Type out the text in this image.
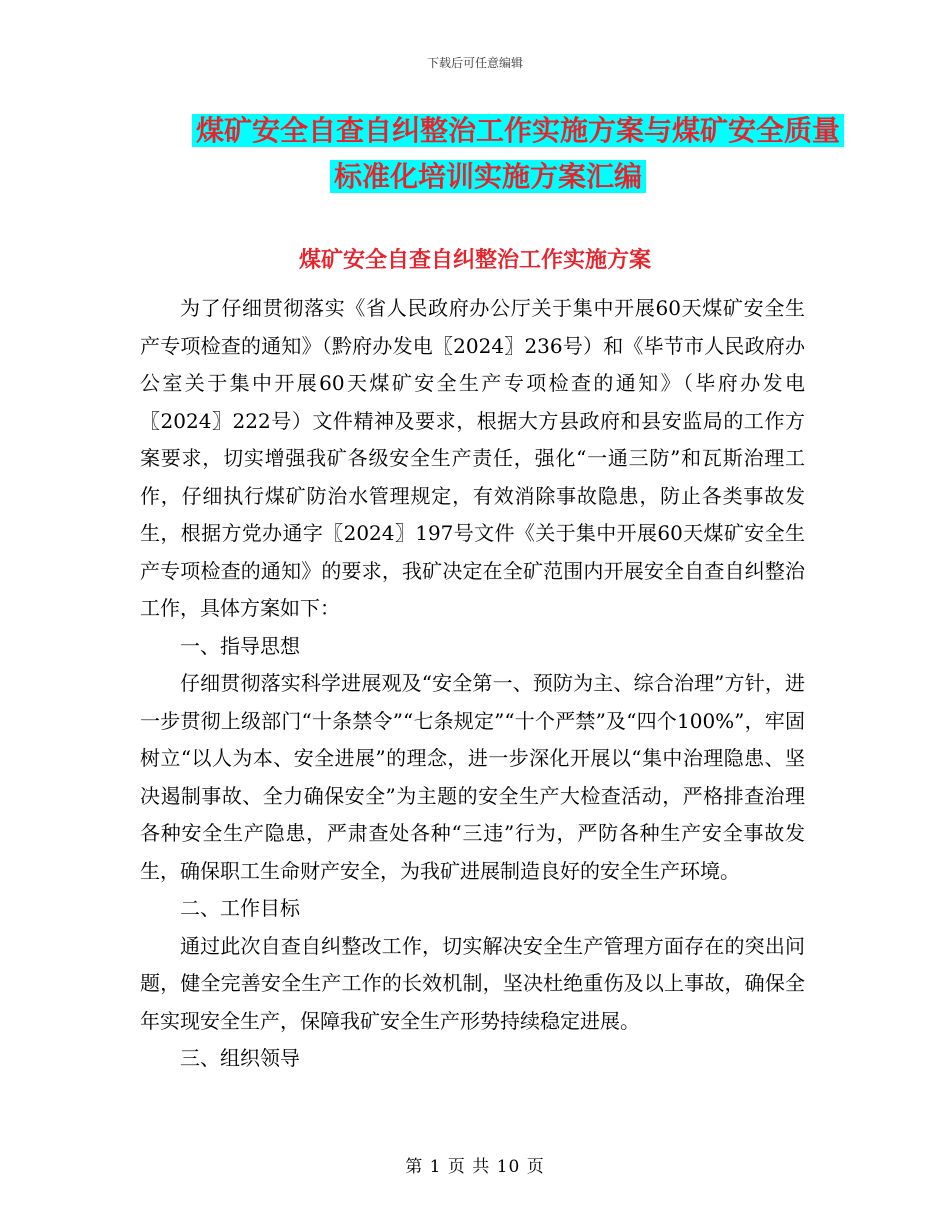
下载后可任意编辑
煤矿安全自查自纠整治工作实施方案与煤矿安全质量
标准化培训实施方案汇编
煤矿安全自查自纠整治工作实施方案

为了仔细贯彻落实《省人民政府办公厅关于集中开展60天煤矿安全生产专项检查的通知》（黔府办发电〖2024〗236号）和《毕节市人民政府办公室关于集中开展60天煤矿安全生产专项检查的通知》（毕府办发电〖2024〗222号）文件精神及要求，根据大方县政府和县安监局的工作方案要求，切实增强我矿各级安全生产责任，强化“一通三防”和瓦斯治理工作，仔细执行煤矿防治水管理规定，有效消除事故隐患，防止各类事故发生，根据方党办通字〖2024〗197号文件《关于集中开展60天煤矿安全生产专项检查的通知》的要求，我矿决定在全矿范围内开展安全自查自纠整治工作，具体方案如下：

一、指导思想

仔细贯彻落实科学进展观及“安全第一、预防为主、综合治理”方针，进一步贯彻上级部门“十条禁令”“七条规定”“十个严禁”及“四个100%”，牢固树立“以人为本、安全进展”的理念，进一步深化开展以“集中治理隐患、坚决遏制事故、全力确保安全”为主题的安全生产大检查活动，严格排查治理各种安全生产隐患，严肃查处各种“三违”行为，严防各种生产安全事故发生，确保职工生命财产安全，为我矿进展制造良好的安全生产环境。

二、工作目标

通过此次自查自纠整改工作，切实解决安全生产管理方面存在的突出问题，健全完善安全生产工作的长效机制，坚决杜绝重伤及以上事故，确保全年实现安全生产，保障我矿安全生产形势持续稳定进展。

三、组织领导

第 1 页 共 10 页
